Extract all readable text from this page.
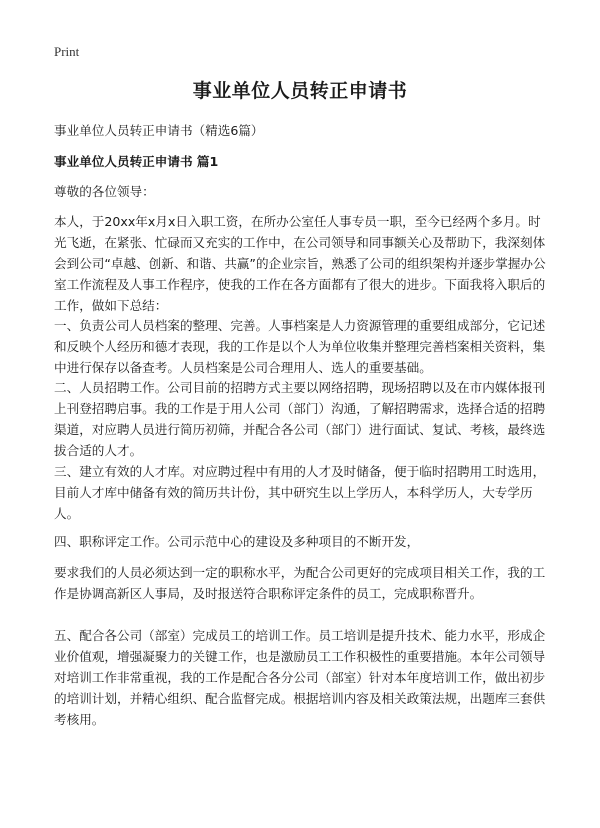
Print
事业单位人员转正申请书

事业单位人员转正申请书（精选6篇）

事业单位人员转正申请书 篇1

尊敬的各位领导：

本人，于20xx年x月x日入职工资，在所办公室任人事专员一职，至今已经两个多月。时光飞逝，在紧张、忙碌而又充实的工作中，在公司领导和同事额关心及帮助下，我深刻体会到公司“卓越、创新、和谐、共赢”的企业宗旨，熟悉了公司的组织架构并逐步掌握办公室工作流程及人事工作程序，使我的工作在各方面都有了很大的进步。下面我将入职后的工作，做如下总结：

一、负责公司人员档案的整理、完善。人事档案是人力资源管理的重要组成部分，它记述和反映个人经历和德才表现，我的工作是以个人为单位收集并整理完善档案相关资料，集中进行保存以备查考。人员档案是公司合理用人、选人的重要基础。

二、人员招聘工作。公司目前的招聘方式主要以网络招聘，现场招聘以及在市内媒体报刊上刊登招聘启事。我的工作是于用人公司（部门）沟通，了解招聘需求，选择合适的招聘渠道，对应聘人员进行简历初筛，并配合各公司（部门）进行面试、复试、考核，最终选拔合适的人才。

三、建立有效的人才库。对应聘过程中有用的人才及时储备，便于临时招聘用工时选用，目前人才库中储备有效的简历共计份，其中研究生以上学历人，本科学历人，大专学历人。

四、职称评定工作。公司示范中心的建设及多种项目的不断开发，

要求我们的人员必须达到一定的职称水平，为配合公司更好的完成项目相关工作，我的工作是协调高新区人事局，及时报送符合职称评定条件的员工，完成职称晋升。

五、配合各公司（部室）完成员工的培训工作。员工培训是提升技术、能力水平，形成企业价值观，增强凝聚力的关键工作，也是激励员工工作积极性的重要措施。本年公司领导对培训工作非常重视，我的工作是配合各分公司（部室）针对本年度培训工作，做出初步的培训计划，并精心组织、配合监督完成。根据培训内容及相关政策法规，出题库三套供考核用。
